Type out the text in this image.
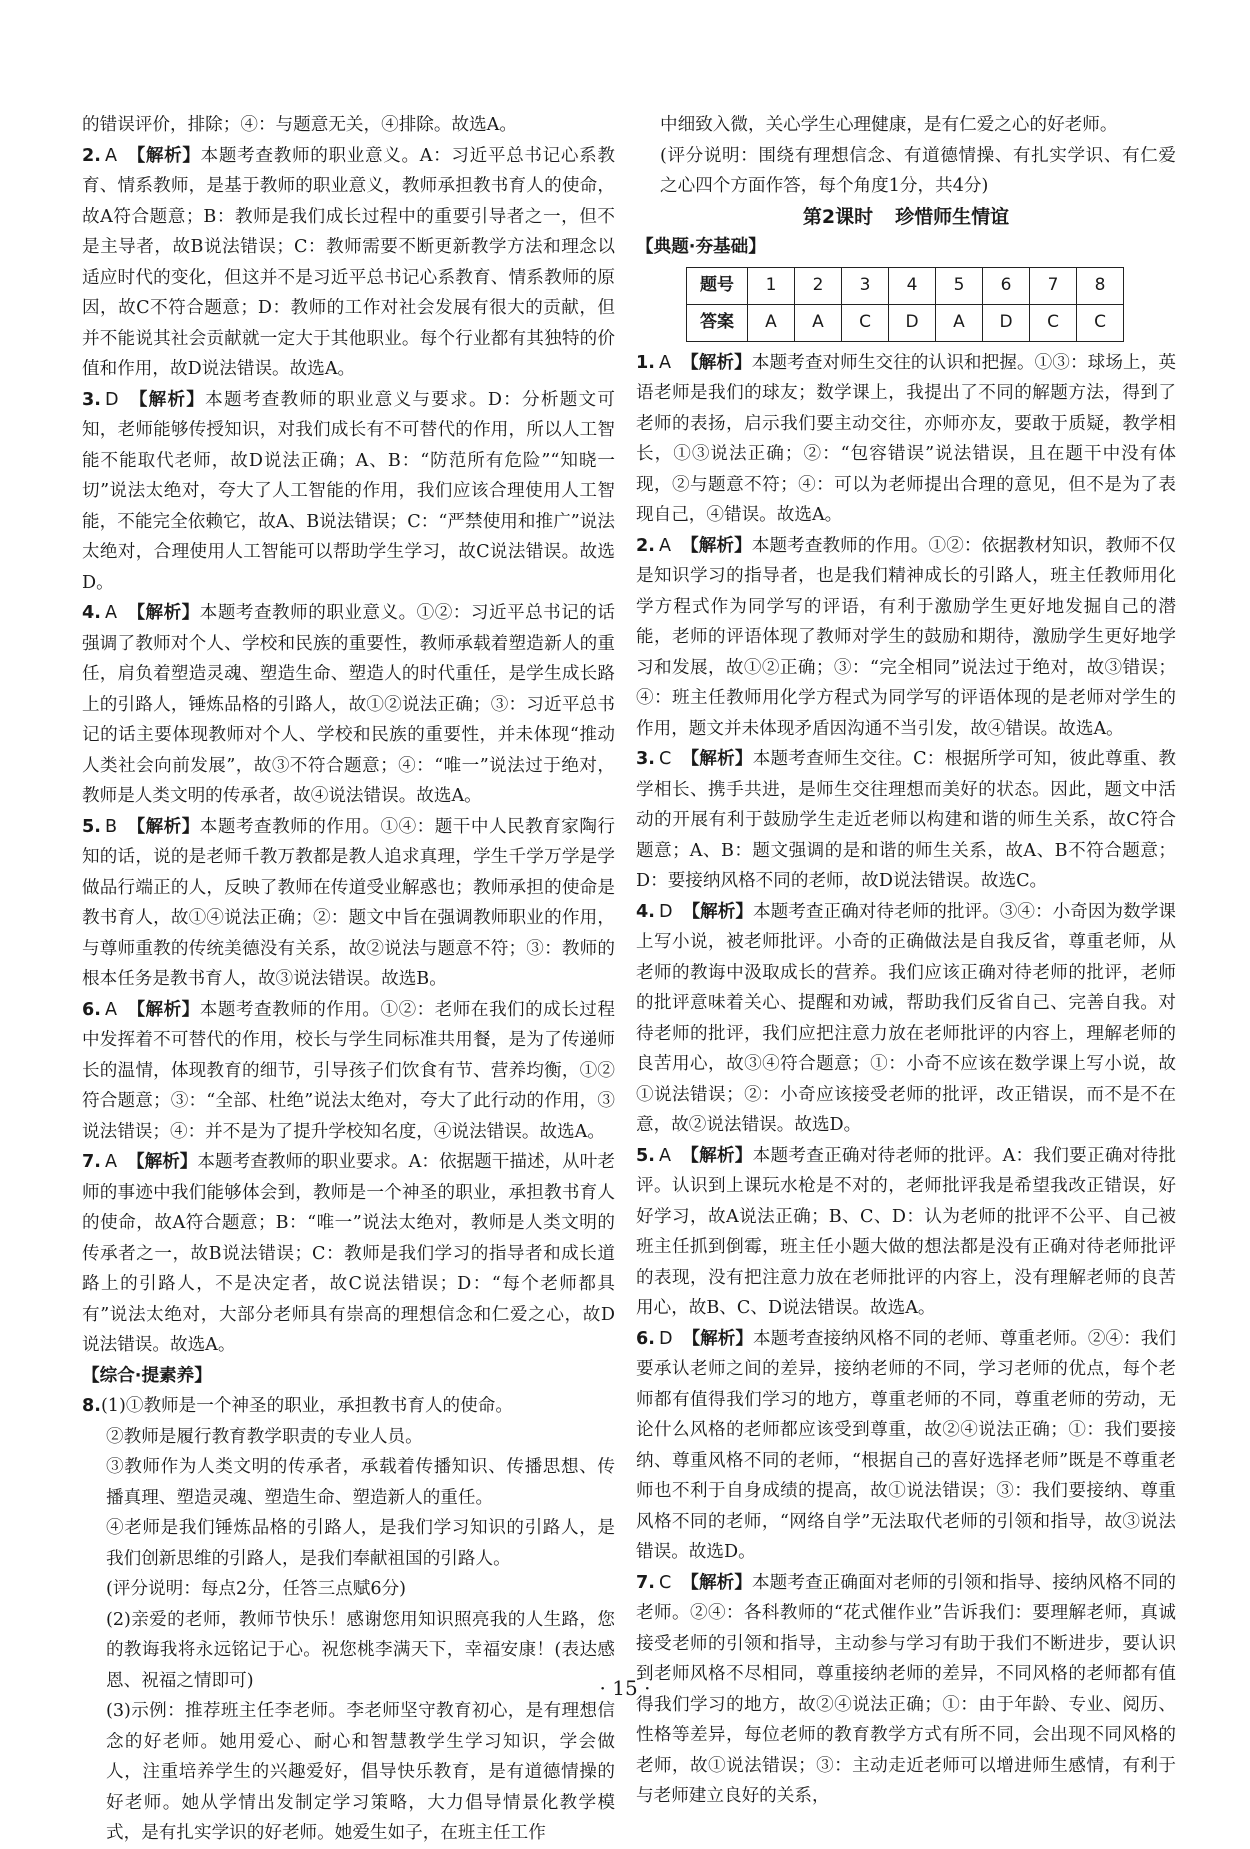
的错误评价，排除；④：与题意无关，④排除。故选A。

2. A 【解析】本题考查教师的职业意义。A：习近平总书记心系教育、情系教师，是基于教师的职业意义，教师承担教书育人的使命，故A符合题意；B：教师是我们成长过程中的重要引导者之一，但不是主导者，故B说法错误；C：教师需要不断更新教学方法和理念以适应时代的变化，但这并不是习近平总书记心系教育、情系教师的原因，故C不符合题意；D：教师的工作对社会发展有很大的贡献，但并不能说其社会贡献就一定大于其他职业。每个行业都有其独特的价值和作用，故D说法错误。故选A。

3. D 【解析】本题考查教师的职业意义与要求。D：分析题文可知，老师能够传授知识，对我们成长有不可替代的作用，所以人工智能不能取代老师，故D说法正确；A、B：“防范所有危险”“知晓一切”说法太绝对，夸大了人工智能的作用，我们应该合理使用人工智能，不能完全依赖它，故A、B说法错误；C：“严禁使用和推广”说法太绝对，合理使用人工智能可以帮助学生学习，故C说法错误。故选D。

4. A 【解析】本题考查教师的职业意义。①②：习近平总书记的话强调了教师对个人、学校和民族的重要性，教师承载着塑造新人的重任，肩负着塑造灵魂、塑造生命、塑造人的时代重任，是学生成长路上的引路人，锤炼品格的引路人，故①②说法正确；③：习近平总书记的话主要体现教师对个人、学校和民族的重要性，并未体现“推动人类社会向前发展”，故③不符合题意；④：“唯一”说法过于绝对，教师是人类文明的传承者，故④说法错误。故选A。

5. B 【解析】本题考查教师的作用。①④：题干中人民教育家陶行知的话，说的是老师千教万教都是教人追求真理，学生千学万学是学做品行端正的人，反映了教师在传道受业解惑也；教师承担的使命是教书育人，故①④说法正确；②：题文中旨在强调教师职业的作用，与尊师重教的传统美德没有关系，故②说法与题意不符；③：教师的根本任务是教书育人，故③说法错误。故选B。

6. A 【解析】本题考查教师的作用。①②：老师在我们的成长过程中发挥着不可替代的作用，校长与学生同标准共用餐，是为了传递师长的温情，体现教育的细节，引导孩子们饮食有节、营养均衡，①②符合题意；③：“全部、杜绝”说法太绝对，夸大了此行动的作用，③说法错误；④：并不是为了提升学校知名度，④说法错误。故选A。

7. A 【解析】本题考查教师的职业要求。A：依据题干描述，从叶老师的事迹中我们能够体会到，教师是一个神圣的职业，承担教书育人的使命，故A符合题意；B：“唯一”说法太绝对，教师是人类文明的传承者之一，故B说法错误；C：教师是我们学习的指导者和成长道路上的引路人，不是决定者，故C说法错误；D：“每个老师都具有”说法太绝对，大部分老师具有崇高的理想信念和仁爱之心，故D说法错误。故选A。

【综合·提素养】

8.(1)①教师是一个神圣的职业，承担教书育人的使命。

②教师是履行教育教学职责的专业人员。

③教师作为人类文明的传承者，承载着传播知识、传播思想、传播真理、塑造灵魂、塑造生命、塑造新人的重任。

④老师是我们锤炼品格的引路人，是我们学习知识的引路人，是我们创新思维的引路人，是我们奉献祖国的引路人。

(评分说明：每点2分，任答三点赋6分)

(2)亲爱的老师，教师节快乐！感谢您用知识照亮我的人生路，您的教诲我将永远铭记于心。祝您桃李满天下，幸福安康！(表达感恩、祝福之情即可)

(3)示例：推荐班主任李老师。李老师坚守教育初心，是有理想信念的好老师。她用爱心、耐心和智慧教学生学习知识，学会做人，注重培养学生的兴趣爱好，倡导快乐教育，是有道德情操的好老师。她从学情出发制定学习策略，大力倡导情景化教学模式，是有扎实学识的好老师。她爱生如子，在班主任工作

中细致入微，关心学生心理健康，是有仁爱之心的好老师。

(评分说明：围绕有理想信念、有道德情操、有扎实学识、有仁爱之心四个方面作答，每个角度1分，共4分)

第2课时 珍惜师生情谊

【典题·夯基础】

题号	1	2	3	4	5	6	7	8
答案	A	A	C	D	A	D	C	C

1. A 【解析】本题考查对师生交往的认识和把握。①③：球场上，英语老师是我们的球友；数学课上，我提出了不同的解题方法，得到了老师的表扬，启示我们要主动交往，亦师亦友，要敢于质疑，教学相长，①③说法正确；②：“包容错误”说法错误，且在题干中没有体现，②与题意不符；④：可以为老师提出合理的意见，但不是为了表现自己，④错误。故选A。

2. A 【解析】本题考查教师的作用。①②：依据教材知识，教师不仅是知识学习的指导者，也是我们精神成长的引路人，班主任教师用化学方程式作为同学写的评语，有利于激励学生更好地发掘自己的潜能，老师的评语体现了教师对学生的鼓励和期待，激励学生更好地学习和发展，故①②正确；③：“完全相同”说法过于绝对，故③错误；④：班主任教师用化学方程式为同学写的评语体现的是老师对学生的作用，题文并未体现矛盾因沟通不当引发，故④错误。故选A。

3. C 【解析】本题考查师生交往。C：根据所学可知，彼此尊重、教学相长、携手共进，是师生交往理想而美好的状态。因此，题文中活动的开展有利于鼓励学生走近老师以构建和谐的师生关系，故C符合题意；A、B：题文强调的是和谐的师生关系，故A、B不符合题意；D：要接纳风格不同的老师，故D说法错误。故选C。

4. D 【解析】本题考查正确对待老师的批评。③④：小奇因为数学课上写小说，被老师批评。小奇的正确做法是自我反省，尊重老师，从老师的教诲中汲取成长的营养。我们应该正确对待老师的批评，老师的批评意味着关心、提醒和劝诫，帮助我们反省自己、完善自我。对待老师的批评，我们应把注意力放在老师批评的内容上，理解老师的良苦用心，故③④符合题意；①：小奇不应该在数学课上写小说，故①说法错误；②：小奇应该接受老师的批评，改正错误，而不是不在意，故②说法错误。故选D。

5. A 【解析】本题考查正确对待老师的批评。A：我们要正确对待批评。认识到上课玩水枪是不对的，老师批评我是希望我改正错误，好好学习，故A说法正确；B、C、D：认为老师的批评不公平、自己被班主任抓到倒霉，班主任小题大做的想法都是没有正确对待老师批评的表现，没有把注意力放在老师批评的内容上，没有理解老师的良苦用心，故B、C、D说法错误。故选A。

6. D 【解析】本题考查接纳风格不同的老师、尊重老师。②④：我们要承认老师之间的差异，接纳老师的不同，学习老师的优点，每个老师都有值得我们学习的地方，尊重老师的不同，尊重老师的劳动，无论什么风格的老师都应该受到尊重，故②④说法正确；①：我们要接纳、尊重风格不同的老师，“根据自己的喜好选择老师”既是不尊重老师也不利于自身成绩的提高，故①说法错误；③：我们要接纳、尊重风格不同的老师，“网络自学”无法取代老师的引领和指导，故③说法错误。故选D。

7. C 【解析】本题考查正确面对老师的引领和指导、接纳风格不同的老师。②④：各科教师的“花式催作业”告诉我们：要理解老师，真诚接受老师的引领和指导，主动参与学习有助于我们不断进步，要认识到老师风格不尽相同，尊重接纳老师的差异，不同风格的老师都有值得我们学习的地方，故②④说法正确；①：由于年龄、专业、阅历、性格等差异，每位老师的教育教学方式有所不同，会出现不同风格的老师，故①说法错误；③：主动走近老师可以增进师生感情，有利于与老师建立良好的关系，

· 15 ·
